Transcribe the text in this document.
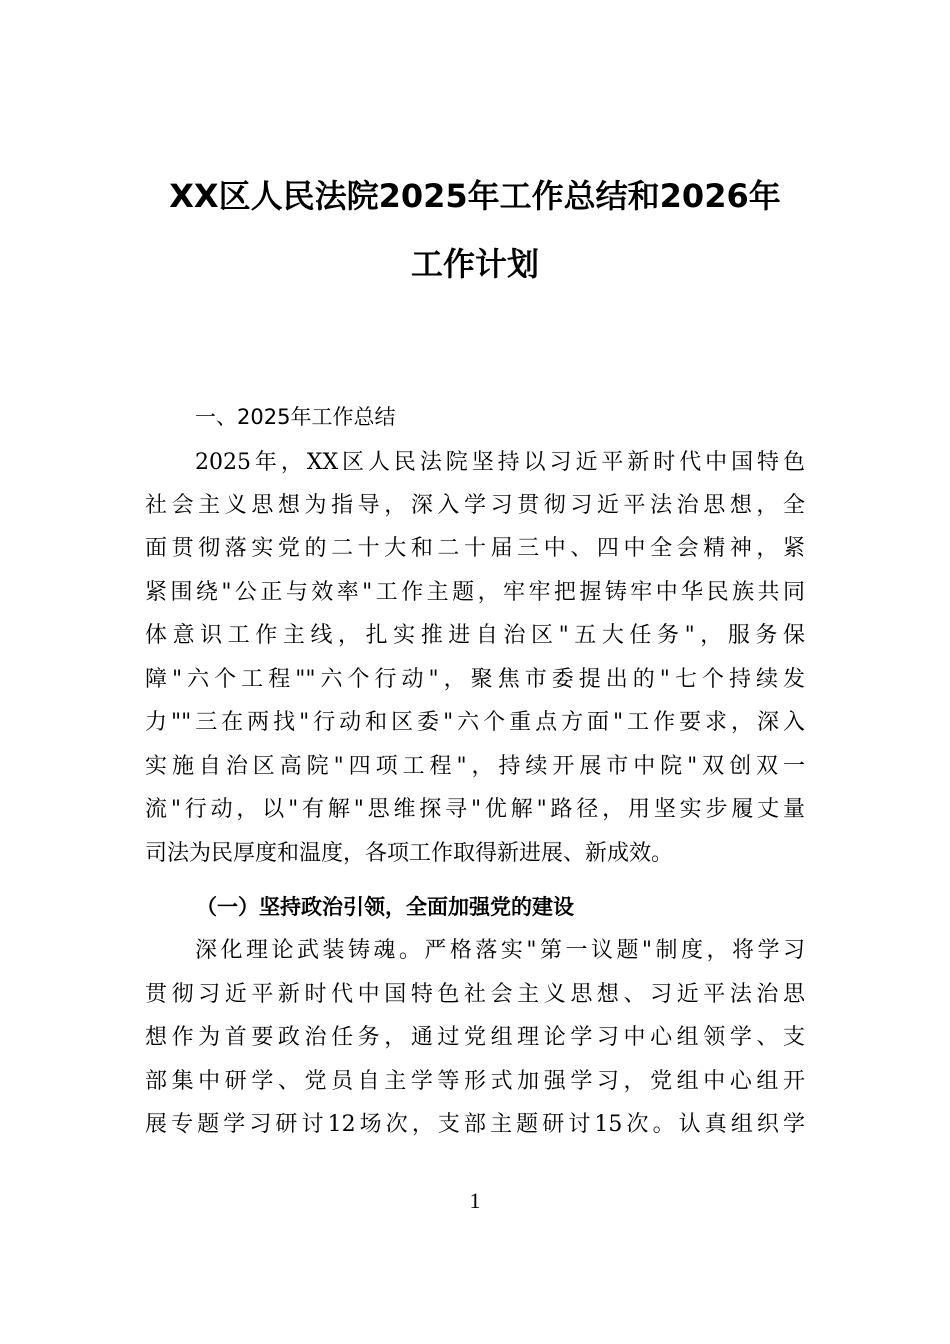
XX区人民法院2025年工作总结和2026年
工作计划
一、2025年工作总结
2025年，XX区人民法院坚持以习近平新时代中国特色
社会主义思想为指导，深入学习贯彻习近平法治思想，全
面贯彻落实党的二十大和二十届三中、四中全会精神，紧
紧围绕"公正与效率"工作主题，牢牢把握铸牢中华民族共同
体意识工作主线，扎实推进自治区"五大任务"，服务保
障"六个工程""六个行动"，聚焦市委提出的"七个持续发
力""三在两找"行动和区委"六个重点方面"工作要求，深入
实施自治区高院"四项工程"，持续开展市中院"双创双一
流"行动，以"有解"思维探寻"优解"路径，用坚实步履丈量
司法为民厚度和温度，各项工作取得新进展、新成效。
（一）坚持政治引领，全面加强党的建设
深化理论武装铸魂。严格落实"第一议题"制度，将学习
贯彻习近平新时代中国特色社会主义思想、习近平法治思
想作为首要政治任务，通过党组理论学习中心组领学、支
部集中研学、党员自主学等形式加强学习，党组中心组开
展专题学习研讨12场次，支部主题研讨15次。认真组织学
1
